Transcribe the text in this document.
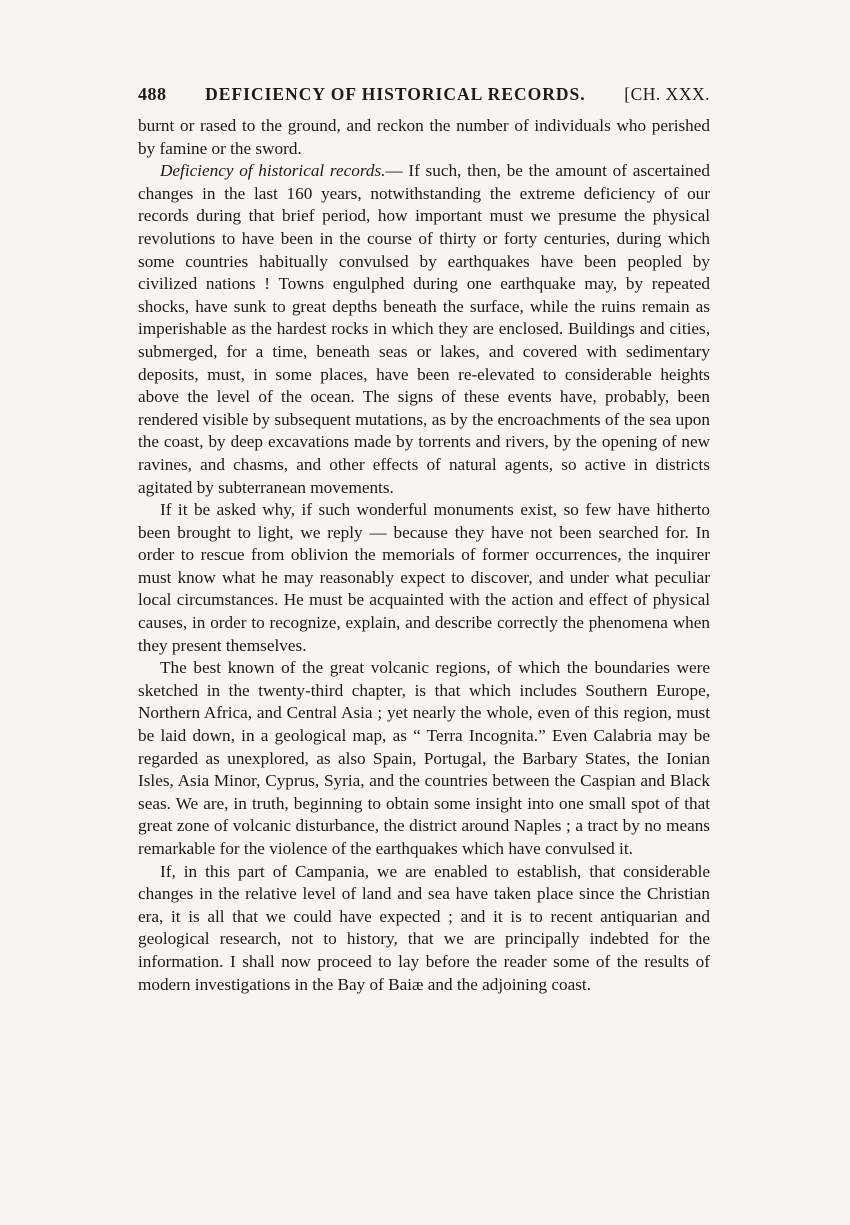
488 DEFICIENCY OF HISTORICAL RECORDS. [CH. XXX.

burnt or rased to the ground, and reckon the number of individuals who perished by famine or the sword.

Deficiency of historical records.— If such, then, be the amount of ascertained changes in the last 160 years, notwithstanding the extreme deficiency of our records during that brief period, how important must we presume the physical revolutions to have been in the course of thirty or forty centuries, during which some countries habitually convulsed by earthquakes have been peopled by civilized nations ! Towns engulphed during one earthquake may, by repeated shocks, have sunk to great depths beneath the surface, while the ruins remain as imperishable as the hardest rocks in which they are enclosed. Buildings and cities, submerged, for a time, beneath seas or lakes, and covered with sedimentary deposits, must, in some places, have been re-elevated to considerable heights above the level of the ocean. The signs of these events have, probably, been rendered visible by subsequent mutations, as by the encroachments of the sea upon the coast, by deep excavations made by torrents and rivers, by the opening of new ravines, and chasms, and other effects of natural agents, so active in districts agitated by subterranean movements.

If it be asked why, if such wonderful monuments exist, so few have hitherto been brought to light, we reply — because they have not been searched for. In order to rescue from oblivion the memorials of former occurrences, the inquirer must know what he may reasonably expect to discover, and under what peculiar local circumstances. He must be acquainted with the action and effect of physical causes, in order to recognize, explain, and describe correctly the phenomena when they present themselves.

The best known of the great volcanic regions, of which the boundaries were sketched in the twenty-third chapter, is that which includes Southern Europe, Northern Africa, and Central Asia ; yet nearly the whole, even of this region, must be laid down, in a geological map, as “ Terra Incognita.” Even Calabria may be regarded as unexplored, as also Spain, Portugal, the Barbary States, the Ionian Isles, Asia Minor, Cyprus, Syria, and the countries between the Caspian and Black seas. We are, in truth, beginning to obtain some insight into one small spot of that great zone of volcanic disturbance, the district around Naples ; a tract by no means remarkable for the violence of the earthquakes which have convulsed it.

If, in this part of Campania, we are enabled to establish, that considerable changes in the relative level of land and sea have taken place since the Christian era, it is all that we could have expected ; and it is to recent antiquarian and geological research, not to history, that we are principally indebted for the information. I shall now proceed to lay before the reader some of the results of modern investigations in the Bay of Baiæ and the adjoining coast.
